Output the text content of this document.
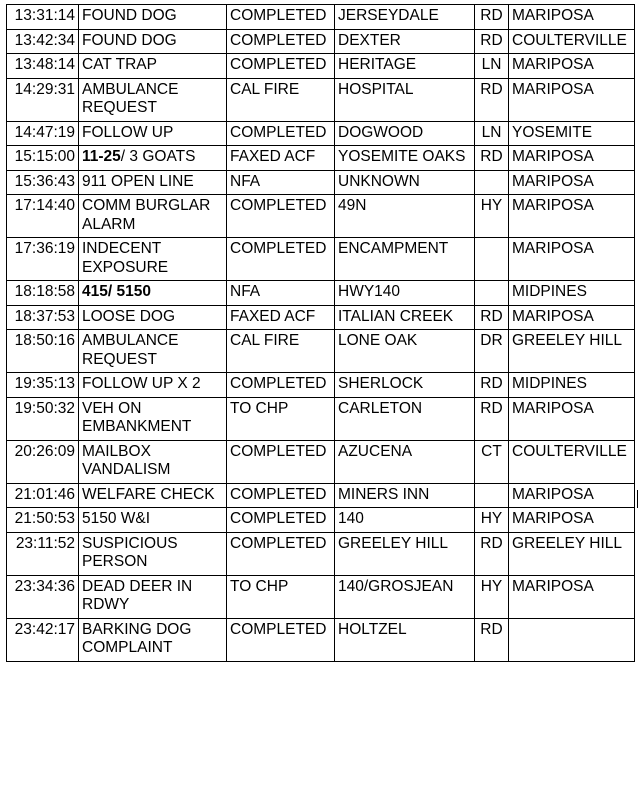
13:31:14	FOUND DOG	COMPLETED	JERSEYDALE	RD	MARIPOSA
13:42:34	FOUND DOG	COMPLETED	DEXTER	RD	COULTERVILLE
13:48:14	CAT TRAP	COMPLETED	HERITAGE	LN	MARIPOSA
14:29:31	AMBULANCE REQUEST	CAL FIRE	HOSPITAL	RD	MARIPOSA
14:47:19	FOLLOW UP	COMPLETED	DOGWOOD	LN	YOSEMITE
15:15:00	11-25/ 3 GOATS	FAXED ACF	YOSEMITE OAKS	RD	MARIPOSA
15:36:43	911 OPEN LINE	NFA	UNKNOWN		MARIPOSA
17:14:40	COMM BURGLAR ALARM	COMPLETED	49N	HY	MARIPOSA
17:36:19	INDECENT EXPOSURE	COMPLETED	ENCAMPMENT		MARIPOSA
18:18:58	415/ 5150	NFA	HWY140		MIDPINES
18:37:53	LOOSE DOG	FAXED ACF	ITALIAN CREEK	RD	MARIPOSA
18:50:16	AMBULANCE REQUEST	CAL FIRE	LONE OAK	DR	GREELEY HILL
19:35:13	FOLLOW UP X 2	COMPLETED	SHERLOCK	RD	MIDPINES
19:50:32	VEH ON EMBANKMENT	TO CHP	CARLETON	RD	MARIPOSA
20:26:09	MAILBOX VANDALISM	COMPLETED	AZUCENA	CT	COULTERVILLE
21:01:46	WELFARE CHECK	COMPLETED	MINERS INN		MARIPOSA
21:50:53	5150 W&I	COMPLETED	140	HY	MARIPOSA
23:11:52	SUSPICIOUS PERSON	COMPLETED	GREELEY HILL	RD	GREELEY HILL
23:34:36	DEAD DEER IN RDWY	TO CHP	140/GROSJEAN	HY	MARIPOSA
23:42:17	BARKING DOG COMPLAINT	COMPLETED	HOLTZEL	RD	
